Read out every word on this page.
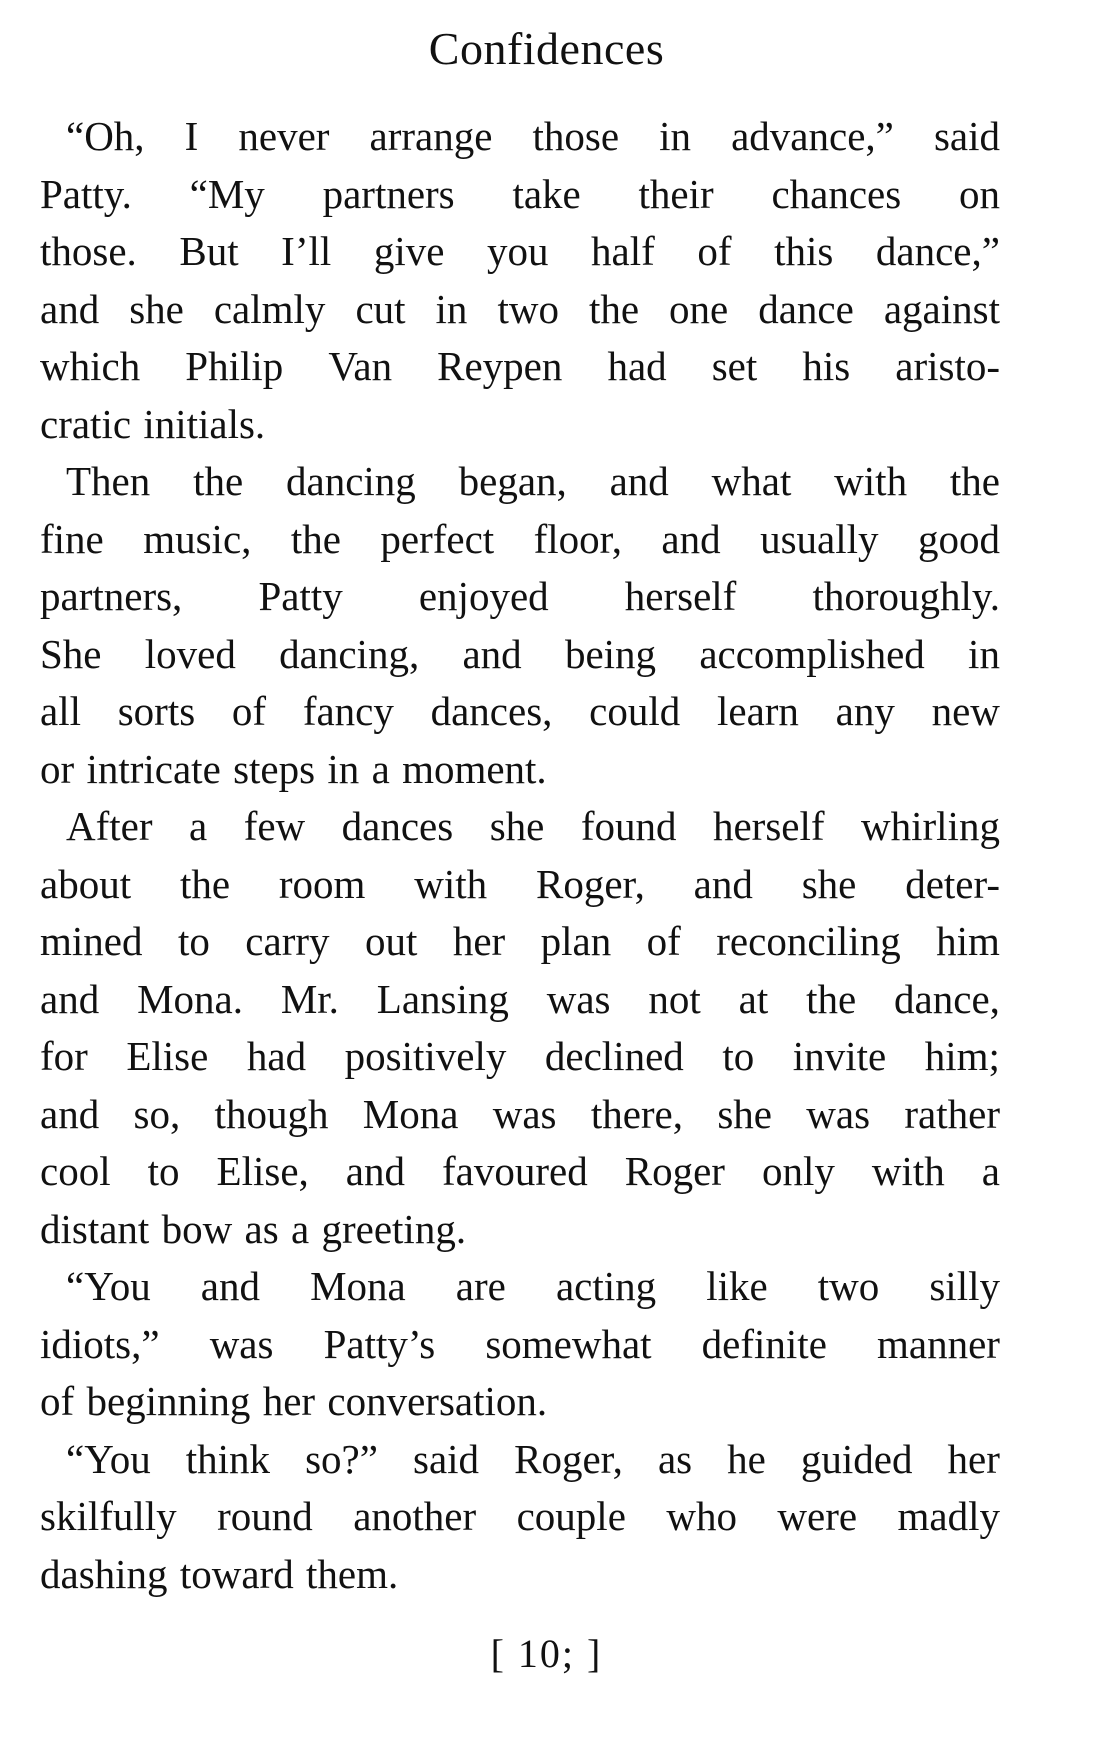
Confidences
“Oh, I never arrange those in advance,” said
Patty. “My partners take their chances on
those. But I’ll give you half of this dance,”
and she calmly cut in two the one dance against
which Philip Van Reypen had set his aristo-
cratic initials.
Then the dancing began, and what with the
fine music, the perfect floor, and usually good
partners, Patty enjoyed herself thoroughly.
She loved dancing, and being accomplished in
all sorts of fancy dances, could learn any new
or intricate steps in a moment.
After a few dances she found herself whirling
about the room with Roger, and she deter-
mined to carry out her plan of reconciling him
and Mona. Mr. Lansing was not at the dance,
for Elise had positively declined to invite him;
and so, though Mona was there, she was rather
cool to Elise, and favoured Roger only with a
distant bow as a greeting.
“You and Mona are acting like two silly
idiots,” was Patty’s somewhat definite manner
of beginning her conversation.
“You think so?” said Roger, as he guided her
skilfully round another couple who were madly
dashing toward them.
[ 10; ]
